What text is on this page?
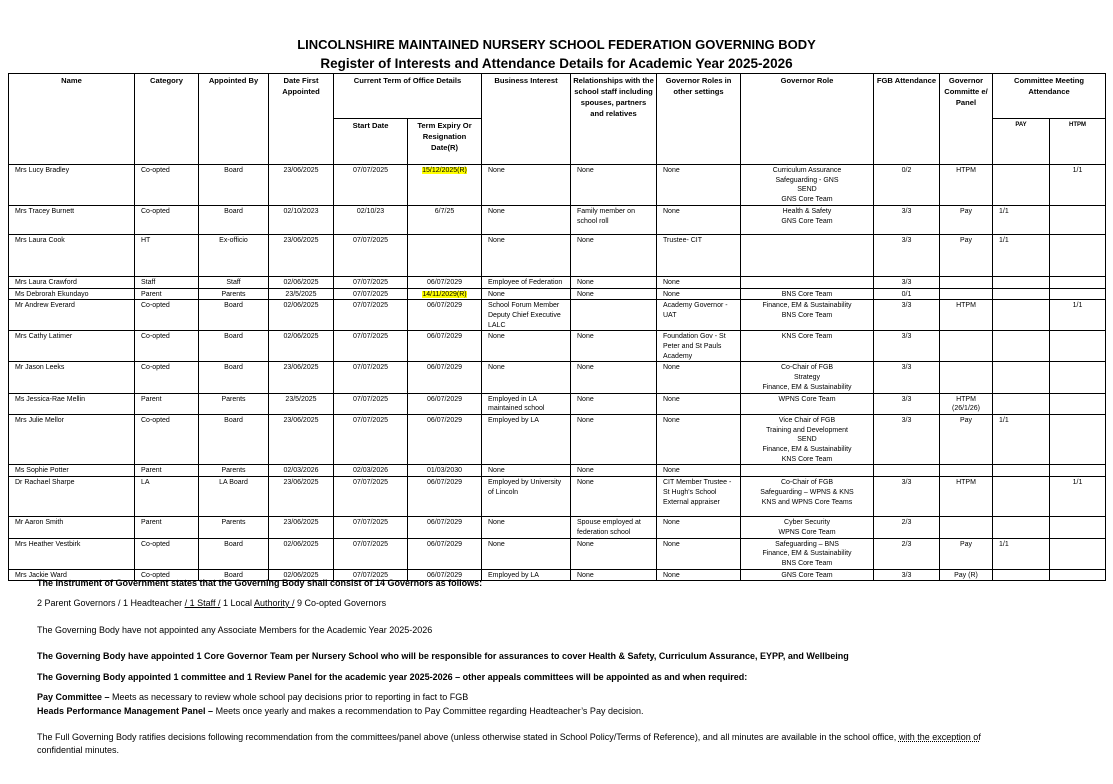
LINCOLNSHIRE MAINTAINED NURSERY SCHOOL FEDERATION GOVERNING BODY
Register of Interests and Attendance Details for Academic Year 2025-2026
Name	Category	Appointed By	Date First Appointed	Current Term of Office Details		Business Interest	Relationships with the school staff including spouses, partners and relatives	Governor Roles in other settings	Governor Role	FGB Attendance	Governor Committe e/ Panel	Committee Meeting Attendance	
				Start Date	Term Expiry Or Resignation Date(R)							PAY	HTPM
Mrs Lucy Bradley	Co-opted	Board	23/06/2025	07/07/2025	15/12/2025(R)	None	None	None	Curriculum Assurance
Safeguarding - GNS
SEND
GNS Core Team	0/2	HTPM		1/1
Mrs Tracey Burnett	Co-opted	Board	02/10/2023	02/10/23	6/7/25	None	Family member on school roll	None	Health & Safety
GNS Core Team	3/3	Pay	1/1	
Mrs Laura Cook	HT	Ex-officio	23/06/2025	07/07/2025		None	None	Trustee- CIT		3/3	Pay	1/1	
Mrs Laura Crawford	Staff	Staff	02/06/2025	07/07/2025	06/07/2029	Employee of Federation	None	None		3/3			
Ms Debrorah Ekundayo	Parent	Parents	23/5/2025	07/07/2025	14/11/2029(R)	None	None	None	BNS Core Team	0/1			
Mr Andrew Everard	Co-opted	Board	02/06/2025	07/07/2025	06/07/2029	School Forum Member Deputy Chief Executive LALC		Academy Governor - UAT	Finance, EM & Sustainability
BNS Core Team	3/3	HTPM		1/1
Mrs Cathy Latimer	Co-opted	Board	02/06/2025	07/07/2025	06/07/2029	None	None	Foundation Gov - St Peter and St Pauls Academy	KNS Core Team	3/3			
Mr Jason Leeks	Co-opted	Board	23/06/2025	07/07/2025	06/07/2029	None	None	None	Co-Chair of FGB
Strategy
Finance, EM & Sustainability	3/3			
Ms Jessica-Rae Mellin	Parent	Parents	23/5/2025	07/07/2025	06/07/2029	Employed in LA maintained school	None	None	WPNS Core Team	3/3	HTPM (26/1/26)		
Mrs Julie Mellor	Co-opted	Board	23/06/2025	07/07/2025	06/07/2029	Employed by LA	None	None	Vice Chair of FGB
Training and Development
SEND
Finance, EM & Sustainability
KNS Core Team	3/3	Pay	1/1	
Ms Sophie Potter	Parent	Parents	02/03/2026	02/03/2026	01/03/2030	None	None	None					
Dr Rachael Sharpe	LA	LA Board	23/06/2025	07/07/2025	06/07/2029	Employed by University of Lincoln	None	CIT Member Trustee - St Hugh's School External appraiser	Co-Chair of FGB
Safeguarding – WPNS & KNS
KNS and WPNS Core Teams	3/3	HTPM		1/1
Mr Aaron Smith	Parent	Parents	23/06/2025	07/07/2025	06/07/2029	None	Spouse employed at federation school	None	Cyber Security
WPNS Core Team	2/3			
Mrs Heather Vestbirk	Co-opted	Board	02/06/2025	07/07/2025	06/07/2029	None	None	None	Safeguarding – BNS
Finance, EM & Sustainability
BNS Core Team	2/3	Pay	1/1	
Mrs Jackie Ward	Co-opted	Board	02/06/2025	07/07/2025	06/07/2029	Employed by LA	None	None	GNS Core Team	3/3	Pay (R)		
The Instrument of Government states that the Governing Body shall consist of 14 Governors as follows:
2 Parent Governors / 1 Headteacher / 1 Staff / 1 Local Authority / 9 Co-opted Governors
The Governing Body have not appointed any Associate Members for the Academic Year 2025-2026
The Governing Body have appointed 1 Core Governor Team per Nursery School who will be responsible for assurances to cover Health & Safety, Curriculum Assurance, EYPP, and Wellbeing
The Governing Body appointed 1 committee and 1 Review Panel for the academic year 2025-2026 – other appeals committees will be appointed as and when required:
Pay Committee – Meets as necessary to review whole school pay decisions prior to reporting in fact to FGB
Heads Performance Management Panel – Meets once yearly and makes a recommendation to Pay Committee regarding Headteacher’s Pay decision.
The Full Governing Body ratifies decisions following recommendation from the committees/panel above (unless otherwise stated in School Policy/Terms of Reference), and all minutes are available in the school office, with the exception of
confidential minutes.
